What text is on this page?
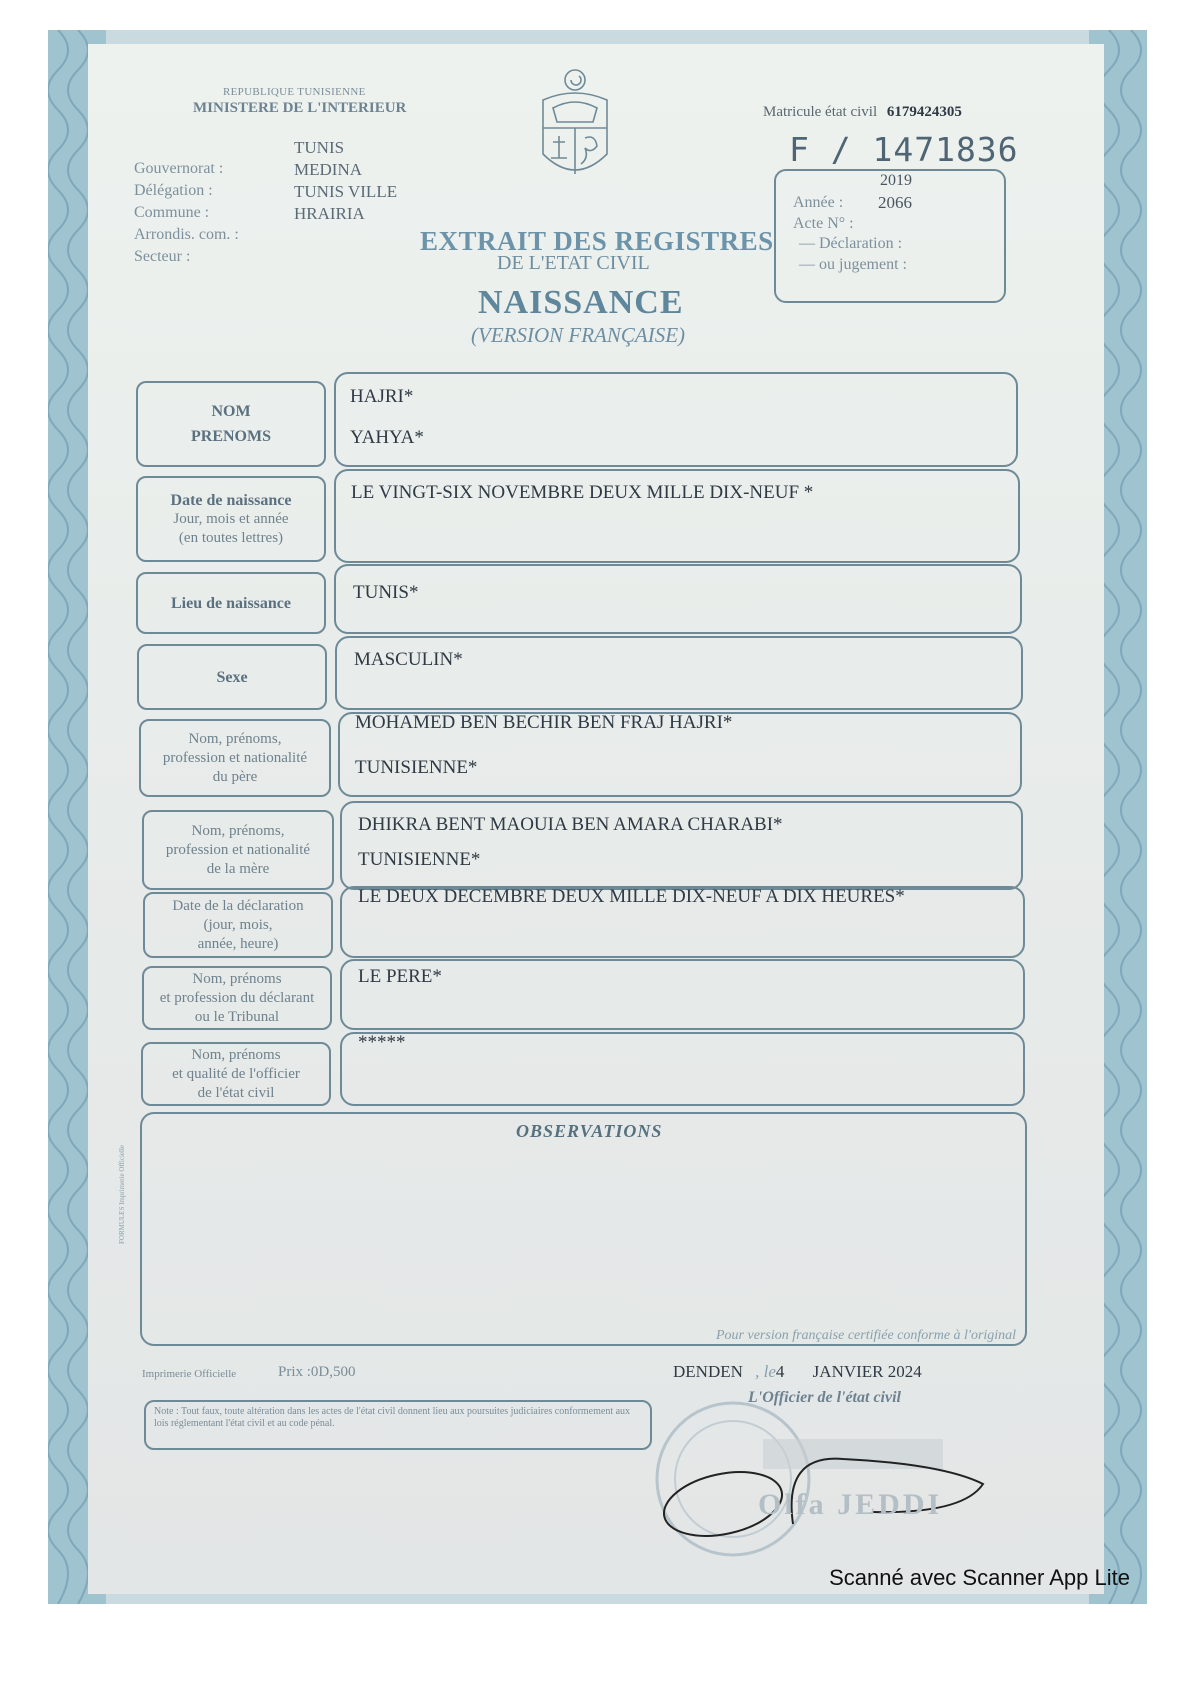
REPUBLIQUE TUNISIENNE
MINISTERE DE L'INTERIEUR
Gouvernorat :
Délégation :
Commune :
Arrondis. com. :
Secteur :
TUNIS
MEDINA
TUNIS VILLE
HRAIRIA
EXTRAIT DES REGISTRES
DE L'ETAT CIVIL
NAISSANCE
(VERSION FRANÇAISE)
Matricule état civil 6179424305
F / 1471836
2019
Année : 2066
Acte N° :
— Déclaration :
— ou jugement :
NOM
PRENOMS
HAJRI*
YAHYA*
Date de naissance
Jour, mois et année
(en toutes lettres)
LE VINGT-SIX NOVEMBRE DEUX MILLE DIX-NEUF *
Lieu de naissance	TUNIS*
Sexe
MASCULIN*
Nom, prénoms,
profession et nationalité
du père
MOHAMED BEN BECHIR BEN FRAJ HAJRI*
TUNISIENNE*
Nom, prénoms,
profession et nationalité
de la mère
DHIKRA BENT MAOUIA BEN AMARA CHARABI*
TUNISIENNE*
Date de la déclaration
(jour, mois,
année, heure)
LE DEUX DECEMBRE DEUX MILLE DIX-NEUF A DIX HEURES*
Nom, prénoms
et profession du déclarant
ou le Tribunal
LE PERE*
Nom, prénoms
et qualité de l'officier
de l'état civil
*****
OBSERVATIONS
FORMULES Imprimerie Officielle
Imprimerie Officielle	Prix :0D,500
Note : Tout faux, toute altération dans les actes de l'état civil donnent lieu aux poursuites judiciaires conformement aux lois réglementant l'état civil et au code pénal.
Pour version française certifiée conforme à l'original
DENDEN , le4 JANVIER 2024
L'Officier de l'état civil
Olfa JEDDI
Scanné avec Scanner App Lite
